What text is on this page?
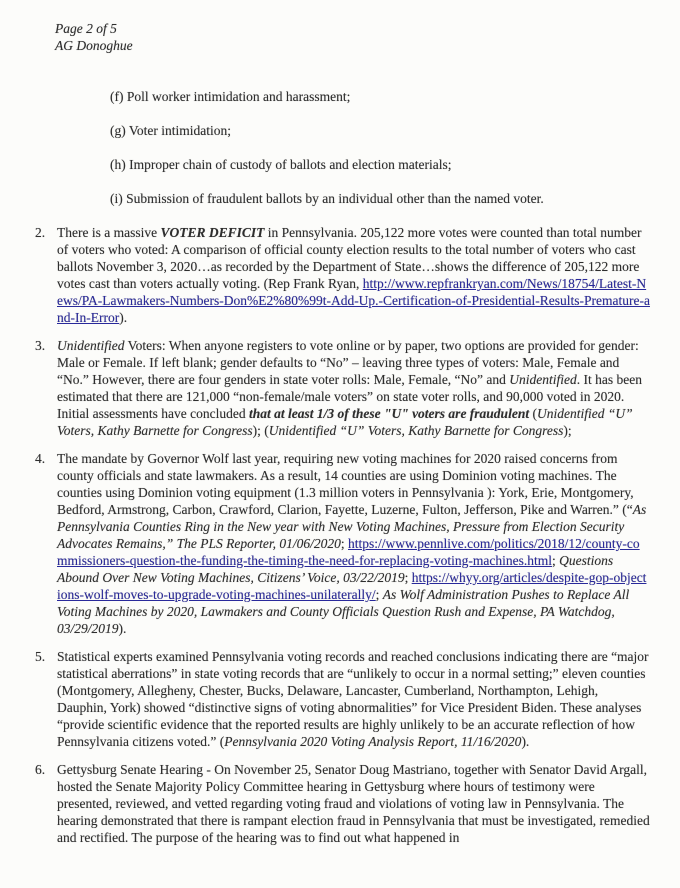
Page 2 of 5
AG Donoghue
(f) Poll worker intimidation and harassment;
(g) Voter intimidation;
(h) Improper chain of custody of ballots and election materials;
(i) Submission of fraudulent ballots by an individual other than the named voter.
2. There is a massive VOTER DEFICIT in Pennsylvania. 205,122 more votes were counted than total number of voters who voted: A comparison of official county election results to the total number of voters who cast ballots November 3, 2020…as recorded by the Department of State…shows the difference of 205,122 more votes cast than voters actually voting. (Rep Frank Ryan, http://www.repfrankryan.com/News/18754/Latest-News/PA-Lawmakers-Numbers-Don%E2%80%99t-Add-Up.-Certification-of-Presidential-Results-Premature-and-In-Error).
3. Unidentified Voters: When anyone registers to vote online or by paper, two options are provided for gender: Male or Female. If left blank; gender defaults to “No” – leaving three types of voters: Male, Female and “No.” However, there are four genders in state voter rolls: Male, Female, “No” and Unidentified. It has been estimated that there are 121,000 “non-female/male voters” on state voter rolls, and 90,000 voted in 2020. Initial assessments have concluded that at least 1/3 of these "U" voters are fraudulent (Unidentified “U” Voters, Kathy Barnette for Congress); (Unidentified “U” Voters, Kathy Barnette for Congress);
4. The mandate by Governor Wolf last year, requiring new voting machines for 2020 raised concerns from county officials and state lawmakers. As a result, 14 counties are using Dominion voting machines. The counties using Dominion voting equipment (1.3 million voters in Pennsylvania ): York, Erie, Montgomery, Bedford, Armstrong, Carbon, Crawford, Clarion, Fayette, Luzerne, Fulton, Jefferson, Pike and Warren.” (“As Pennsylvania Counties Ring in the New year with New Voting Machines, Pressure from Election Security Advocates Remains,” The PLS Reporter, 01/06/2020; https://www.pennlive.com/politics/2018/12/county-commissioners-question-the-funding-the-timing-the-need-for-replacing-voting-machines.html; Questions Abound Over New Voting Machines, Citizens’ Voice, 03/22/2019; https://whyy.org/articles/despite-gop-objections-wolf-moves-to-upgrade-voting-machines-unilaterally/; As Wolf Administration Pushes to Replace All Voting Machines by 2020, Lawmakers and County Officials Question Rush and Expense, PA Watchdog, 03/29/2019).
5. Statistical experts examined Pennsylvania voting records and reached conclusions indicating there are “major statistical aberrations” in state voting records that are “unlikely to occur in a normal setting;” eleven counties (Montgomery, Allegheny, Chester, Bucks, Delaware, Lancaster, Cumberland, Northampton, Lehigh, Dauphin, York) showed “distinctive signs of voting abnormalities” for Vice President Biden. These analyses “provide scientific evidence that the reported results are highly unlikely to be an accurate reflection of how Pennsylvania citizens voted.” (Pennsylvania 2020 Voting Analysis Report, 11/16/2020).
6. Gettysburg Senate Hearing - On November 25, Senator Doug Mastriano, together with Senator David Argall, hosted the Senate Majority Policy Committee hearing in Gettysburg where hours of testimony were presented, reviewed, and vetted regarding voting fraud and violations of voting law in Pennsylvania. The hearing demonstrated that there is rampant election fraud in Pennsylvania that must be investigated, remedied and rectified. The purpose of the hearing was to find out what happened in
